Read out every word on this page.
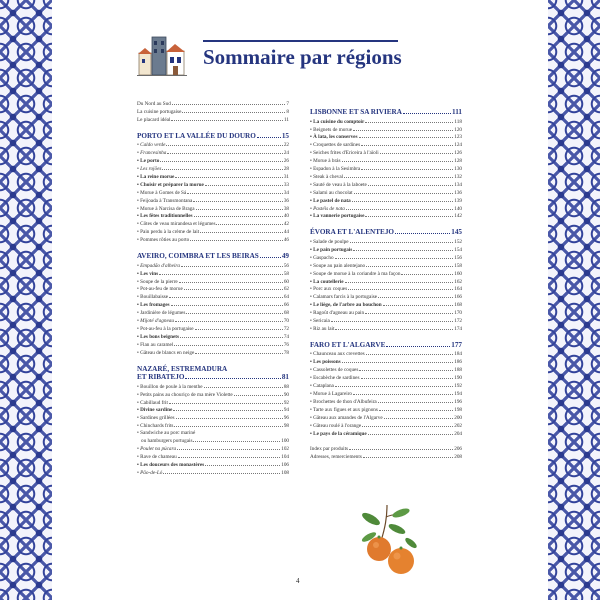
Sommaire par régions
Du Nord au Sud	7
La cuisine portugaise	8
Le placard idéal	11
PORTO ET LA VALLÉE DU DOURO	15
• Caldo verde	22
• Francesinha	24
• Le porto	26
• Les rojões	28
• La reine morue	31
• Choisir et préparer la morue	33
• Morue à Gomes de Sá	34
• Feijoada à Transmontana	36
• Morue à Narcisa de Braga	38
• Les fêtes traditionnelles	40
• Côtes de veau mirandesa et légumes	42
• Pain perdu à la crème de lait	44
• Pommes rôties au porto	46
AVEIRO, COIMBRA ET LES BEIRAS	49
• Empadão d'alheira	56
• Les vins	58
• Soupe de la pierre	60
• Pot-au-feu de morue	62
• Bouillabaisse	64
• Les fromages	66
• Jardinière de légumes	68
• Mijoté d'agneau	70
• Pot-au-feu à la portugaise	72
• Les bons beignets	74
• Flan au caramel	76
• Gâteau de blancs en neige	78
NAZARÉ, ESTREMADURA
ET RIBATEJO	81
• Bouillon de poule à la menthe	88
• Petits pains au chouriço de ma mère Violette	90
• Cabillaud frit	92
• Divine sardine	94
• Sardines grillées	96
• Chinchards frits	98
• Sandwiche au porc mariné
ou hamburgers portugais	100
• Poulet na púcara	102
• Rave de chameau	104
• Les douceurs des monastères	106
• Pão-de-Ló	108
LISBONNE ET SA RIVIERA	111
• La cuisine du comptoir	118
• Beignets de morue	120
• À lata, les conserves	123
• Croquettes de sardines	124
• Seiches frites d'Ericeira à l'aïoli	126
• Morue à brás	128
• Espadon à la Sesimbra	130
• Steak à cheval	132
• Sauté de veau à la laboete	134
• Salami au chocolat	136
• Le pastel de nata	139
• Pastéis de nata	140
• La vannerie portugaise	142
ÉVORA ET L'ALENTEJO	145
• Salade de poulpe	152
• Le pain portugais	154
• Gaspacho	156
• Soupe au pain alentejano	158
• Soupe de morue à la coriandre à ma façon	160
• La coutellerie	162
• Porc aux coques	164
• Calamars farcis à la portugaise	166
• Le liège, de l'arbre au bouchon	168
• Ragoût d'agneau au pain	170
• Sericaia	172
• Riz au lait	174
FARO ET L'ALGARVE	177
• Chaunceau aux crevettes	184
• Les poissons	186
• Cassolettes de coques	188
• Escabèche de sardines	190
• Cataplana	192
• Morue à Lagareiro	194
• Brochettes de thon d'Albufeira	196
• Tarte aux figues et aux pignons	198
• Gâteau aux amandes de l'Algarve	200
• Gâteau roulé à l'orange	202
• Le pays de la céramique	204
Index par produits	206
Adresses, remerciements	208
4
